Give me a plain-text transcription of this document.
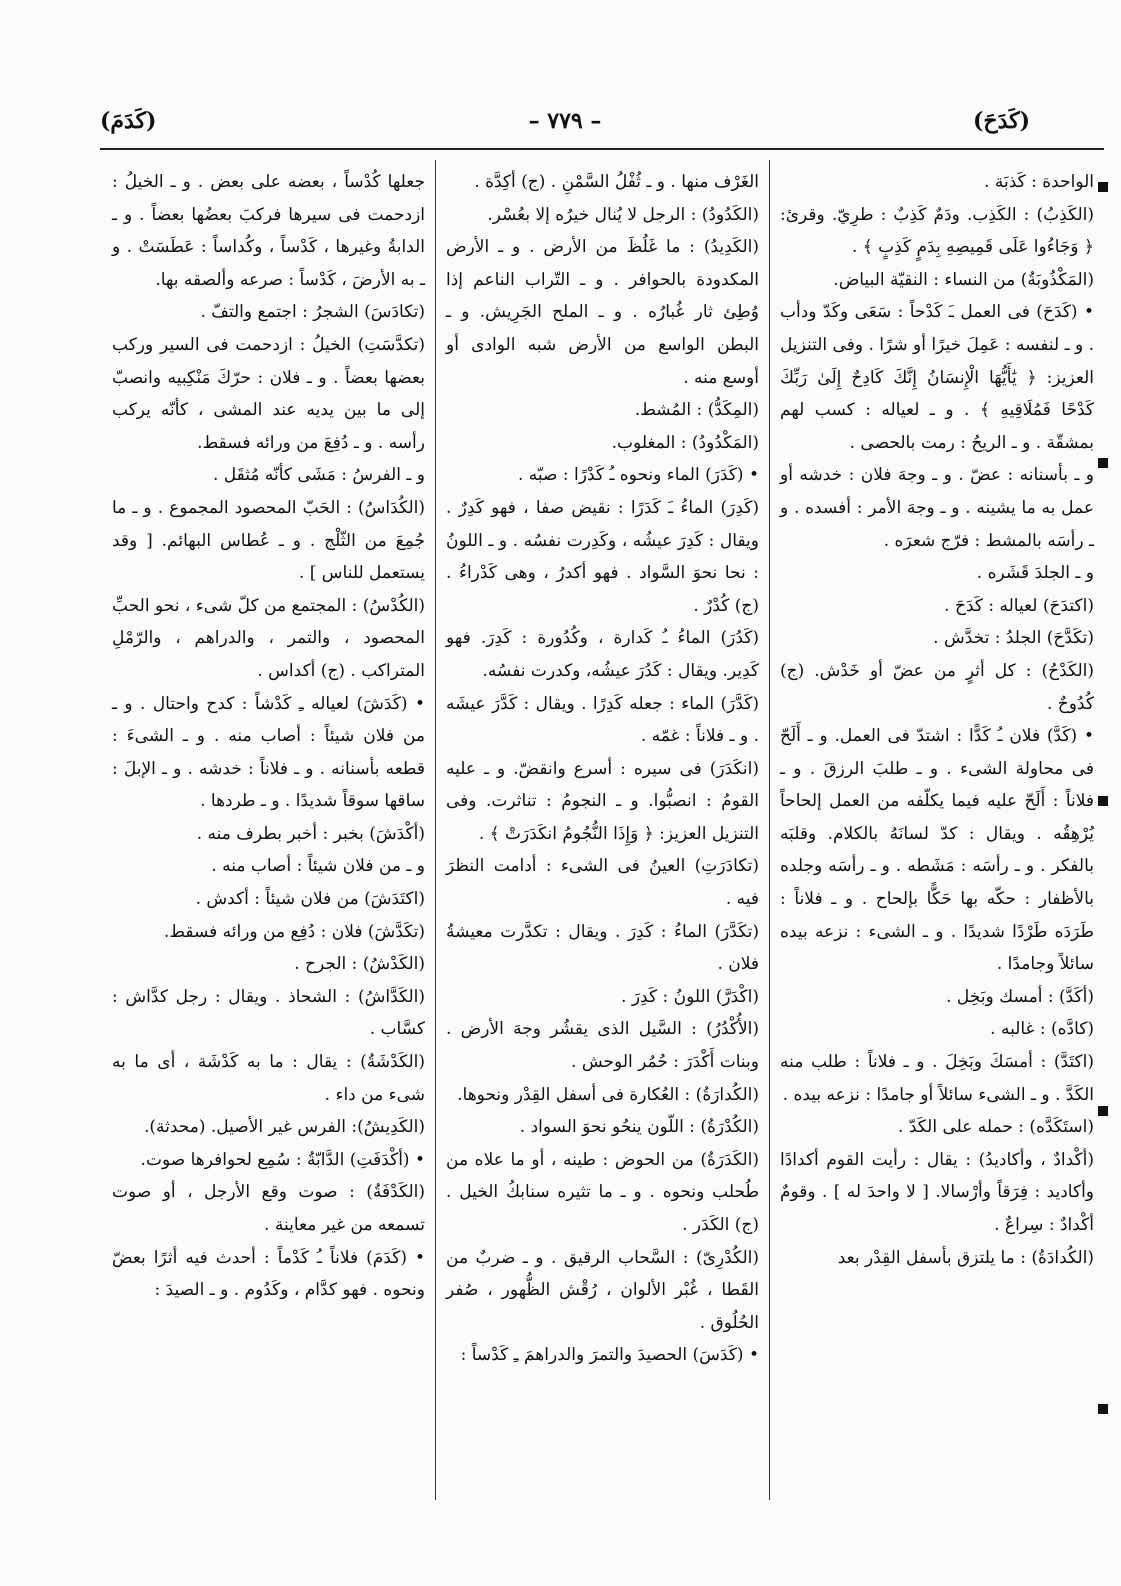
(كَدَحَ)
– ٧٧٩ –
(كَدَمَ)

الواحدة : كَذبَة .

(الكَذِبُ) : الكَذِب. ودَمٌ كَذِبٌ : طرِيّ. وقرئ: ﴿ وَجَاءُوا عَلَى قَمِيصِهِ بِدَمٍ كَذِبٍ ﴾ .

(المَكْذُوبَةُ) من النساء : النقيّة البياض.

• (كَدَحَ) فى العمل ـَ كَدْحاً : سَعَى وكَدّ ودأب . و ـ لنفسه : عَمِلَ خيرًا أو شرًا . وفى التنزيل العزيز: ﴿ يَٰأَيُّهَا الْإِنسَانُ إِنَّكَ كَادِحٌ إِلَىٰ رَبِّكَ كَدْحًا فَمُلَاقِيهِ ﴾ . و ـ لعياله : كسب لهم بمشقّة . و ـ الريحُ : رمت بالحصى .

و ـ بأسنانه : عضّ . و ـ وجهَ فلان : خدشه أو عمل به ما يشينه . و ـ وجهَ الأمر : أفسده . و ـ رأسَه بالمشط : فرّج شعرَه .

و ـ الجلدَ قَشَره .

(اكتدَحَ) لعياله : كَدَحَ .

(تكَدَّحَ) الجلدُ : تخدَّش .

(الكَدْحُ) : كل أثرٍ من عضّ أو خَدْش. (ج) كُدُوحٌ .

• (كَدَّ) فلان ـُ كَدًّا : اشتدّ فى العمل. و ـ أَلَحّ فى محاولة الشىء . و ـ طلبَ الرزقَ . و ـ فلاناً : أَلَحّ عليه فيما يكلّفه من العمل إلحاحاً يُرْهِقُه . ويقال : كدّ لسانَهُ بالكلام. وقلبَه بالفكر . و ـ رأسَه : مَشَطه . و ـ رأسَه وجلده بالأظفار : حكّه بها حَكًّا بإلحاح . و ـ فلاناً : طَرَدَه طَرْدًا شديدًا . و ـ الشىء : نزعه بيده سائلاً وجامدًا .

(أكَدَّ) : أمسك وبَخِل .

(كادَّه) : غالبه .

(اكتَدَّ) : أمسَكَ وبَخِلَ . و ـ فلاناً : طلب منه الكَدَّ . و ـ الشىء سائلاً أو جامدًا : نزعه بيده .

(استَكَدَّه) : حمله على الكَدّ .

(أكْدادٌ ، وأكاديدُ) : يقال : رأيت القوم أكدادًا وأكاديد : فِرَقاً وأرْسالا. [ لا واحدَ له ] . وقومٌ أكْدادٌ : سِراعٌ .

(الكُدادَةُ) : ما يلتزق بأسفل القِدْر بعد

الغَرْف منها . و ـ ثُفْلُ السَّمْنِ . (ج) أكِدَّة .

(الكَدُودُ) : الرجل لا يُنال خيرُه إلا بعُسْر.

(الكَدِيدُ) : ما غَلُظَ من الأرض . و ـ الأرض المكدودة بالحوافر . و ـ التّراب الناعم إذا وُطِئ ثار غُبارُه . و ـ الملح الجَرِيش. و ـ البطن الواسع من الأرض شبه الوادى أو أوسع منه .

(المِكَدُّ) : المُشط.

(المَكْدُودُ) : المغلوب.

• (كَدَرَ) الماء ونحوه ـُ كَدْرًا : صبّه .

(كَدِرَ) الماءُ ـَ كَدَرًا : نقيض صفا ، فهو كَدِرٌ . ويقال : كَدِرَ عيشُه ، وكَدِرت نفسُه . و ـ اللونُ : نحا نحوَ السَّواد . فهو أكدرُ ، وهى كَدْراءُ . (ج) كُدْرٌ .

(كَدُرَ) الماءُ ـُ كَدارة ، وكُدُورة : كَدِرَ. فهو كَدِير. ويقال : كَدُرَ عيشُه، وكدرت نفسُه.

(كَدَّرَ) الماء : جعله كَدِرًا . ويقال : كَدَّرَ عيشَه . و ـ فلاناً : غمّه .

(انكَدَرَ) فى سيره : أسرع وانقضّ. و ـ عليه القومُ : انصبُّوا. و ـ النجومُ : تناثرت. وفى التنزيل العزيز: ﴿ وَإِذَا النُّجُومُ انكَدَرَتْ ﴾ .

(تكادَرَتِ) العينُ فى الشىء : أدامت النظرَ فيه .

(تكَدَّرَ) الماءُ : كَدِرَ . ويقال : تكدَّرت معيشةُ فلان .

(اكْدَرَّ) اللونُ : كَدِرَ .

(الأُكْدُرُ) : السَّيل الذى يقشُر وجهَ الأرض . وبنات أَكْدَرَ : حُمُر الوحش .

(الكُدارَةُ) : العُكارة فى أسفل القِدْر ونحوها.

(الكُدْرَةُ) : اللّون ينحُو نحوَ السواد .

(الكَدَرَةُ) من الحوض : طينه ، أو ما علاه من طُحلب ونحوه . و ـ ما تثيره سنابكُ الخيل . (ج) الكَدَر .

(الكُدْرِىّ) : السَّحاب الرقيق . و ـ ضربٌ من القَطا ، غُبْر الألوان ، رُقْش الظُّهور ، صُفر الحُلُوق .

• (كَدَسَ) الحصيدَ والتمرَ والدراهمَ ـِ كَدْساً :

جعلها كُدْساً ، بعضه على بعض . و ـ الخيلُ : ازدحمت فى سيرها فركبَ بعضُها بعضاً . و ـ الدابةُ وغيرها ، كَدْساً ، وكُداساً : عَطَسَتْ . و ـ به الأرضَ ، كَدْساً : صرعه وألصقه بها.

(تكادَسَ) الشجرُ : اجتمع والتفّ .

(تكدَّسَتِ) الخيلُ : ازدحمت فى السير وركب بعضها بعضاً . و ـ فلان : حرّكَ مَنْكِبيه وانصبّ إلى ما بين يديه عند المشى ، كأنّه يركب رأسه . و ـ دُفِعَ من ورائه فسقط.

و ـ الفرسُ : مَشَى كأنّه مُثقَل .

(الكُدَاسُ) : الحَبّ المحصود المجموع . و ـ ما جُمِعَ من الثّلْج . و ـ عُطاس البهائم. [ وقد يستعمل للناس ] .

(الكُدْسُ) : المجتمع من كلّ شىء ، نحو الحبِّ المحصود ، والتمر ، والدراهم ، والرّمْلِ المتراكب . (ج) أكداس .

• (كَدَشَ) لعياله ـِ كَدْشاً : كدح واحتال . و ـ من فلان شيئاً : أصاب منه . و ـ الشىءَ : قطعه بأسنانه . و ـ فلاناً : خدشه . و ـ الإبلَ : ساقها سوقاً شديدًا . و ـ طردها .

(أكْدَشَ) بخبر : أخبر بطرف منه .

و ـ من فلان شيئاً : أصاب منه .

(اكتَدَشَ) من فلان شيئاً : أكدش .

(تكَدَّشَ) فلان : دُفِع من ورائه فسقط.

(الكَدْشُ) : الجرح .

(الكَدَّاشُ) : الشحاذ . ويقال : رجل كدَّاش : كسَّاب .

(الكَدْشَةُ) : يقال : ما به كَدْشَة ، أى ما به شىء من داء .

(الكَدِيشُ): الفرس غير الأصيل. (محدثة).

• (أكْدَفَتِ) الدَّابّةُ : سُمِع لحوافرها صوت.

(الكَدْفَةُ) : صوت وقع الأرجل ، أو صوت تسمعه من غير معاينة .

• (كَدَمَ) فلاناً ـُ كَدْماً : أحدث فيه أثرًا بعضّ ونحوه . فهو كدَّام ، وكَدُوم . و ـ الصيدَ :
